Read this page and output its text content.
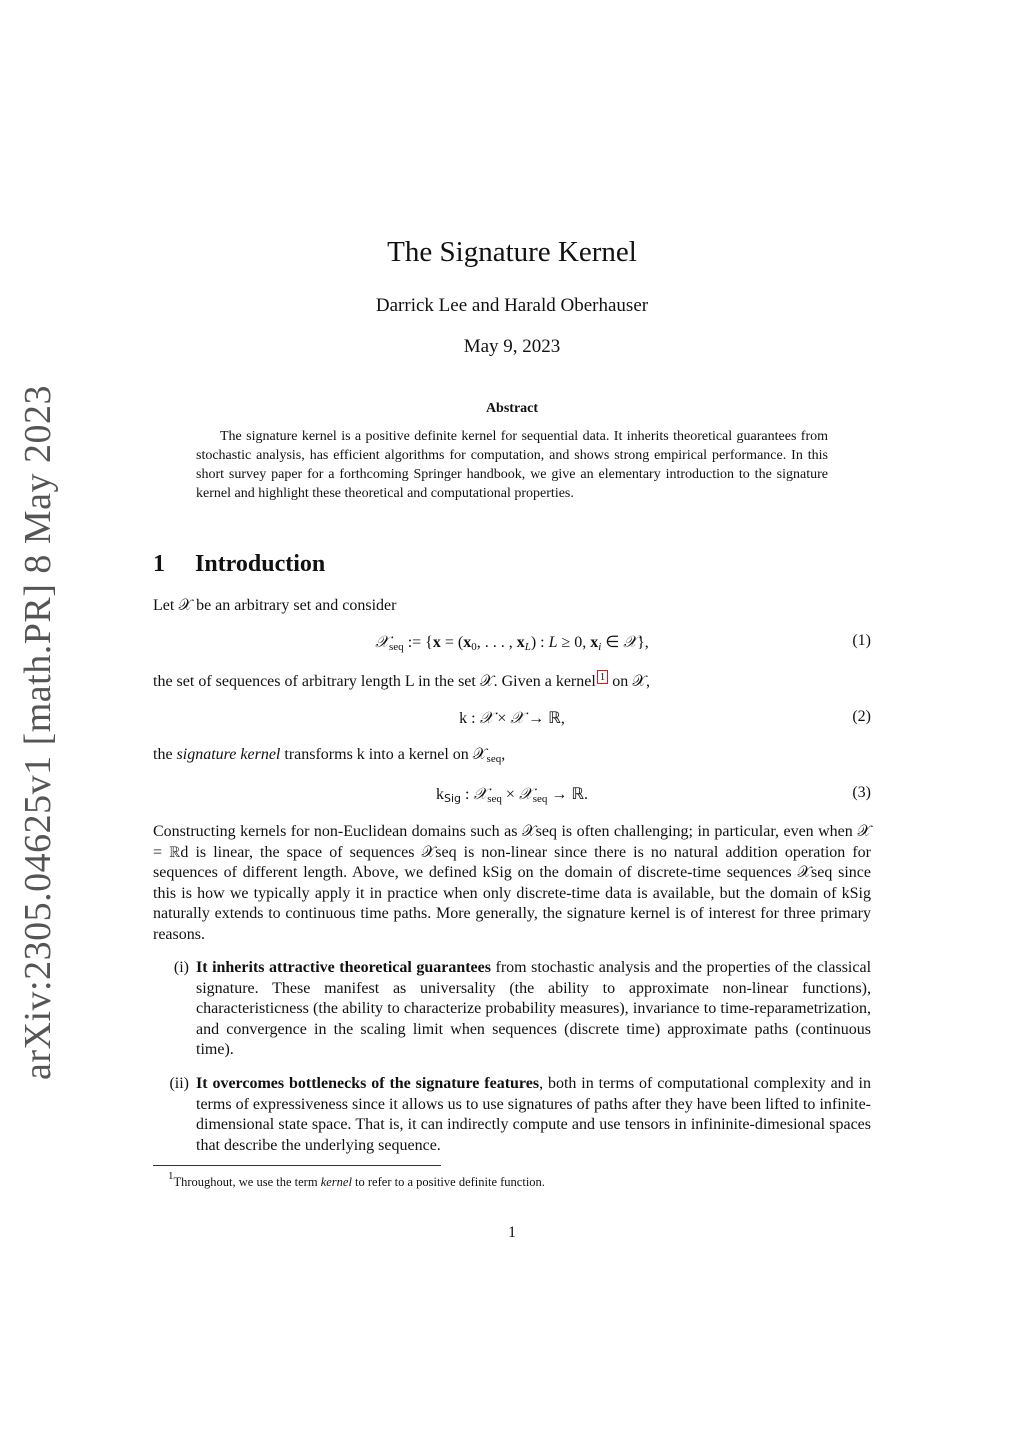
arXiv:2305.04625v1 [math.PR] 8 May 2023
The Signature Kernel
Darrick Lee and Harald Oberhauser
May 9, 2023
Abstract
The signature kernel is a positive definite kernel for sequential data. It inherits theoretical guarantees from stochastic analysis, has efficient algorithms for computation, and shows strong empirical performance. In this short survey paper for a forthcoming Springer handbook, we give an elementary introduction to the signature kernel and highlight these theoretical and computational properties.
1 Introduction
Let 𝒳 be an arbitrary set and consider
𝒳$_{seq}$ := {$x = (x_0$, . . . , $x_L$) : L ≥ 0, $x_i$ ∈ 𝒳},	(1)
the set of sequences of arbitrary length L in the set 𝒳. Given a kernel 1 on 𝒳,
k : 𝒳 × 𝒳 → ℝ,	(2)
the signature kernel transforms k into a kernel on 𝒳$_{seq}$,
kSig : 𝒳$_{seq}$ × 𝒳$_{seq}$ → ℝ.	(3)
Constructing kernels for non-Euclidean domains such as 𝒳seq is often challenging; in particular, even when 𝒳 = ℝd is linear, the space of sequences 𝒳seq is non-linear since there is no natural addition operation for sequences of different length. Above, we defined kSig on the domain of discrete-time sequences 𝒳seq since this is how we typically apply it in practice when only discrete-time data is available, but the domain of kSig naturally extends to continuous time paths. More generally, the signature kernel is of interest for three primary reasons.
(i) It inherits attractive theoretical guarantees from stochastic analysis and the properties of the classical signature. These manifest as universality (the ability to approximate non-linear functions), characteristicness (the ability to characterize probability measures), invariance to time-reparametrization, and convergence in the scaling limit when sequences (discrete time) approximate paths (continuous time).
(ii) It overcomes bottlenecks of the signature features, both in terms of computational complexity and in terms of expressiveness since it allows us to use signatures of paths after they have been lifted to infinite-dimensional state space. That is, it can indirectly compute and use tensors in infininite-dimesional spaces that describe the underlying sequence.
1Throughout, we use the term kernel to refer to a positive definite function.
1
